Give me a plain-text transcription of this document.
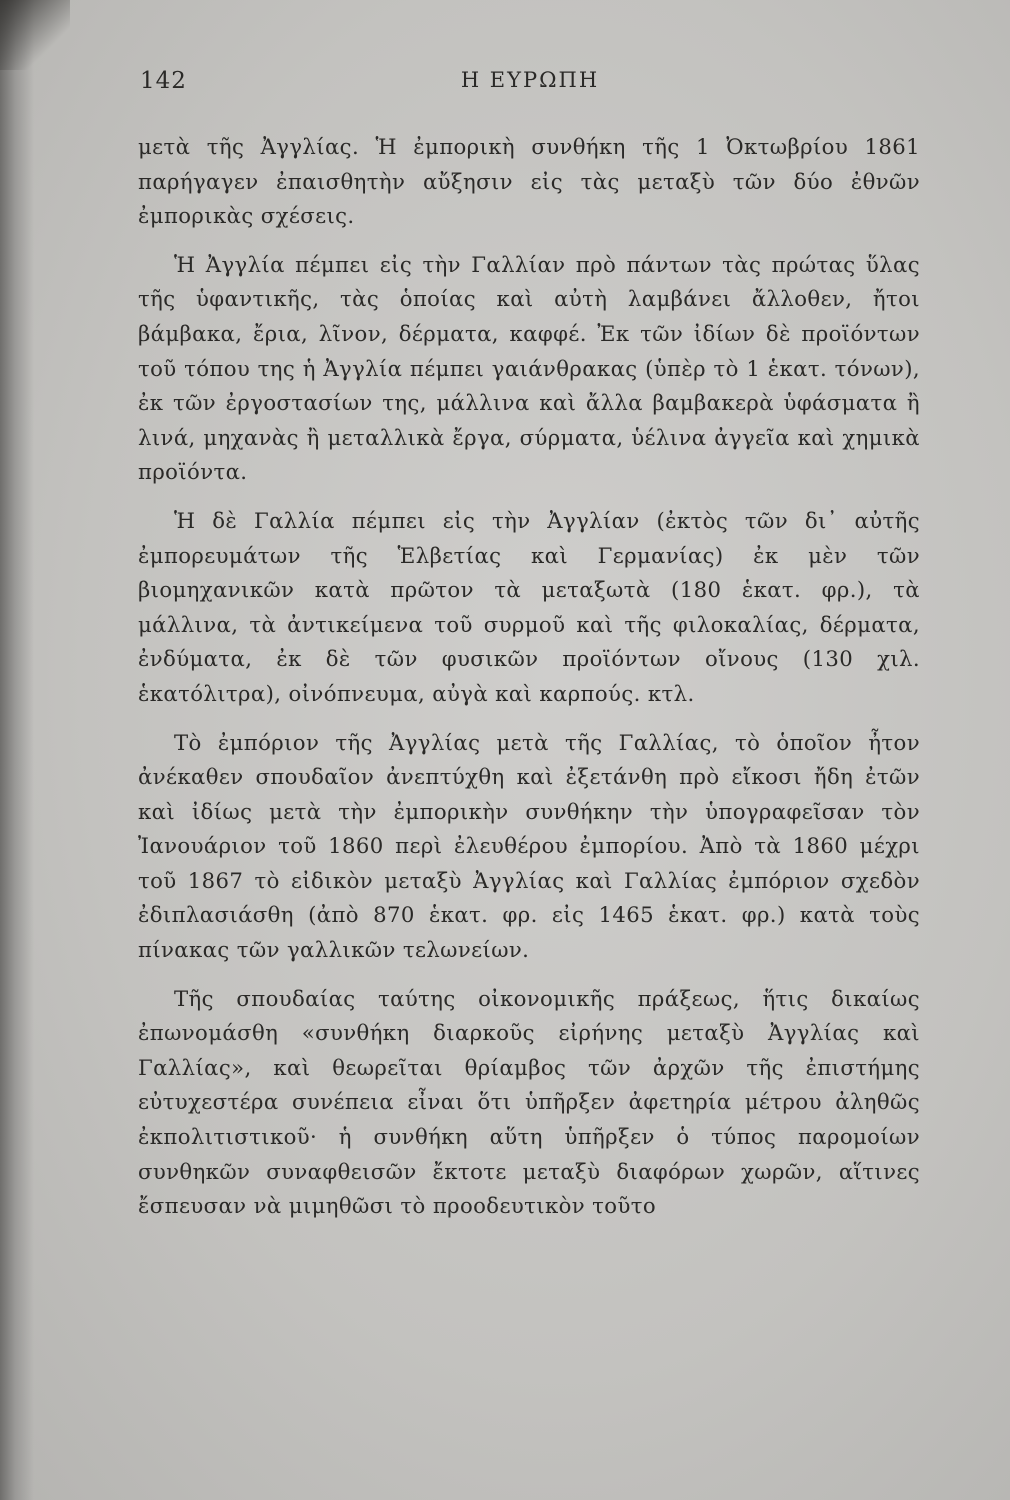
142	Η ΕΥΡΩΠΗ

μετὰ τῆς Ἀγγλίας. Ἡ ἐμπορικὴ συνθήκη τῆς 1 Ὀκτωβρίου 1861 παρήγαγεν ἐπαισθητὴν αὔξησιν εἰς τὰς μεταξὺ τῶν δύο ἐθνῶν ἐμπορικὰς σχέσεις.

Ἡ Ἀγγλία πέμπει εἰς τὴν Γαλλίαν πρὸ πάντων τὰς πρώτας ὕλας τῆς ὑφαντικῆς, τὰς ὁποίας καὶ αὐτὴ λαμβάνει ἄλλοθεν, ἤτοι βάμβακα, ἔρια, λῖνον, δέρματα, καφφέ. Ἐκ τῶν ἰδίων δὲ προϊόντων τοῦ τόπου της ἡ Ἀγγλία πέμπει γαιάνθρακας (ὑπὲρ τὸ 1 ἑκατ. τόνων), ἐκ τῶν ἐργοστασίων της, μάλλινα καὶ ἄλλα βαμβακερὰ ὑφάσματα ἢ λινά, μηχανὰς ἢ μεταλλικὰ ἔργα, σύρματα, ὑέλινα ἀγγεῖα καὶ χημικὰ προϊόντα.

Ἡ δὲ Γαλλία πέμπει εἰς τὴν Ἀγγλίαν (ἐκτὸς τῶν δι᾽ αὐτῆς ἐμπορευμάτων τῆς Ἑλβετίας καὶ Γερμανίας) ἐκ μὲν τῶν βιομηχανικῶν κατὰ πρῶτον τὰ μεταξωτὰ (180 ἑκατ. φρ.), τὰ μάλλινα, τὰ ἀντικείμενα τοῦ συρμοῦ καὶ τῆς φιλοκαλίας, δέρματα, ἐνδύματα, ἐκ δὲ τῶν φυσικῶν προϊόντων οἴνους (130 χιλ. ἑκατόλιτρα), οἰνόπνευμα, αὐγὰ καὶ καρπούς. κτλ.

Τὸ ἐμπόριον τῆς Ἀγγλίας μετὰ τῆς Γαλλίας, τὸ ὁποῖον ἦτον ἀνέκαθεν σπουδαῖον ἀνεπτύχθη καὶ ἐξετάνθη πρὸ εἴκοσι ἤδη ἐτῶν καὶ ἰδίως μετὰ τὴν ἐμπορικὴν συνθήκην τὴν ὑπογραφεῖσαν τὸν Ἰανουάριον τοῦ 1860 περὶ ἐλευθέρου ἐμπορίου. Ἀπὸ τὰ 1860 μέχρι τοῦ 1867 τὸ εἰδικὸν μεταξὺ Ἀγγλίας καὶ Γαλλίας ἐμπόριον σχεδὸν ἐδιπλασιάσθη (ἀπὸ 870 ἑκατ. φρ. εἰς 1465 ἑκατ. φρ.) κατὰ τοὺς πίνακας τῶν γαλλικῶν τελωνείων.

Τῆς σπουδαίας ταύτης οἰκονομικῆς πράξεως, ἥτις δικαίως ἐπωνομάσθη «συνθήκη διαρκοῦς εἰρήνης μεταξὺ Ἀγγλίας καὶ Γαλλίας», καὶ θεωρεῖται θρίαμβος τῶν ἀρχῶν τῆς ἐπιστήμης εὐτυχεστέρα συνέπεια εἶναι ὅτι ὑπῆρξεν ἀφετηρία μέτρου ἀληθῶς ἐκπολιτιστικοῦ· ἡ συνθήκη αὕτη ὑπῆρξεν ὁ τύπος παρομοίων συνθηκῶν συναφθεισῶν ἔκτοτε μεταξὺ διαφόρων χωρῶν, αἵτινες ἔσπευσαν νὰ μιμηθῶσι τὸ προοδευτικὸν τοῦτο
